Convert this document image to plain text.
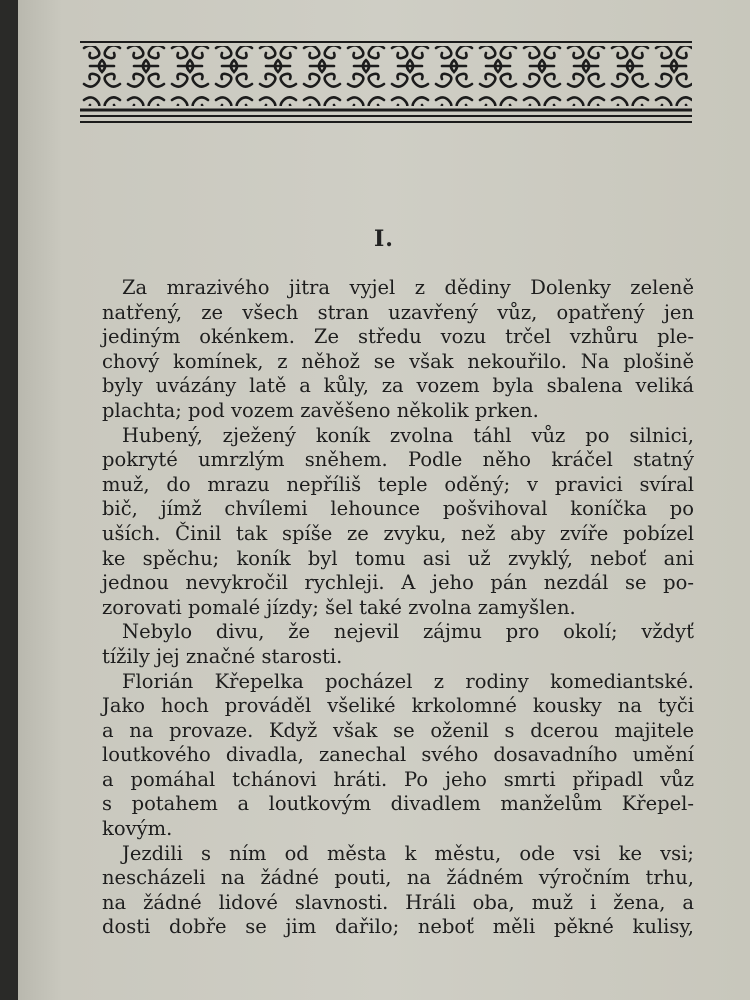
I.
Za mrazivého jitra vyjel z dědiny Dolenky zeleně
natřený, ze všech stran uzavřený vůz, opatřený jen
jediným okénkem. Ze středu vozu trčel vzhůru ple-
chový komínek, z něhož se však nekouřilo. Na plošině
byly uvázány latě a kůly, za vozem byla sbalena veliká
plachta; pod vozem zavěšeno několik prken.
Hubený, zježený koník zvolna táhl vůz po silnici,
pokryté umrzlým sněhem. Podle něho kráčel statný
muž, do mrazu nepříliš teple oděný; v pravici svíral
bič, jímž chvílemi lehounce pošvihoval koníčka po
uších. Činil tak spíše ze zvyku, než aby zvíře pobízel
ke spěchu; koník byl tomu asi už zvyklý, neboť ani
jednou nevykročil rychleji. A jeho pán nezdál se po-
zorovati pomalé jízdy; šel také zvolna zamyšlen.
Nebylo divu, že nejevil zájmu pro okolí; vždyť
tížily jej značné starosti.
Florián Křepelka pocházel z rodiny komediantské.
Jako hoch prováděl všeliké krkolomné kousky na tyči
a na provaze. Když však se oženil s dcerou majitele
loutkového divadla, zanechal svého dosavadního umění
a pomáhal tchánovi hráti. Po jeho smrti připadl vůz
s potahem a loutkovým divadlem manželům Křepel-
kovým.
Jezdili s ním od města k městu, ode vsi ke vsi;
nescházeli na žádné pouti, na žádném výročním trhu,
na žádné lidové slavnosti. Hráli oba, muž i žena, a
dosti dobře se jim dařilo; neboť měli pěkné kulisy,
